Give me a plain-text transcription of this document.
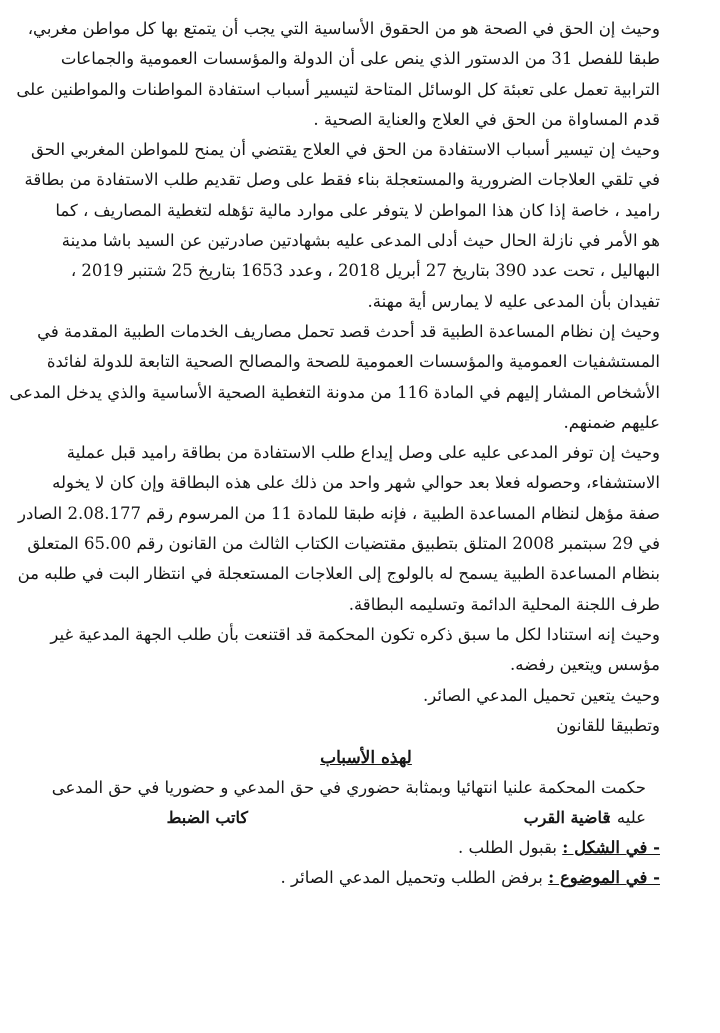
وحيث إن الحق في الصحة هو من الحقوق الأساسية التي يجب أن يتمتع بها كل مواطن مغربي،
طبقا للفصل 31 من الدستور الذي ينص على أن الدولة والمؤسسات العمومية والجماعات
الترابية تعمل على تعبئة كل الوسائل المتاحة لتيسير أسباب استفادة المواطنات والمواطنين على
قدم المساواة من الحق في العلاج والعناية الصحية .

وحيث إن تيسير أسباب الاستفادة من الحق في العلاج يقتضي أن يمنح للمواطن المغربي الحق
في تلقي العلاجات الضرورية والمستعجلة بناء فقط على وصل تقديم طلب الاستفادة من بطاقة
راميد ، خاصة إذا كان هذا المواطن لا يتوفر على موارد مالية تؤهله لتغطية المصاريف ، كما
هو الأمر في نازلة الحال حيث أدلى المدعى عليه بشهادتين صادرتين عن السيد باشا مدينة
البهاليل ، تحت عدد 390 بتاريخ 27 أبريل 2018 ، وعدد 1653 بتاريخ 25 شتنبر 2019 ،
تفيدان بأن المدعى عليه لا يمارس أية مهنة.

وحيث إن نظام المساعدة الطبية قد أحدث قصد تحمل مصاريف الخدمات الطبية المقدمة في
المستشفيات العمومية والمؤسسات العمومية للصحة والمصالح الصحية التابعة للدولة لفائدة
الأشخاص المشار إليهم في المادة 116 من مدونة التغطية الصحية الأساسية والذي يدخل المدعى
عليهم ضمنهم.

وحيث إن توفر المدعى عليه على وصل إيداع طلب الاستفادة من بطاقة راميد قبل عملية
الاستشفاء، وحصوله فعلا بعد حوالي شهر واحد من ذلك على هذه البطاقة وإن كان لا يخوله
صفة مؤهل لنظام المساعدة الطبية ، فإنه طبقا للمادة 11 من المرسوم رقم 2.08.177 الصادر
في 29 سبتمبر 2008 المتلق بتطبيق مقتضيات الكتاب الثالث من القانون رقم 65.00 المتعلق
بنظام المساعدة الطبية يسمح له بالولوج إلى العلاجات المستعجلة في انتظار البت في طلبه من
طرف اللجنة المحلية الدائمة وتسليمه البطاقة.

وحيث إنه استنادا لكل ما سبق ذكره تكون المحكمة قد اقتنعت بأن طلب الجهة المدعية غير
مؤسس ويتعين رفضه.

وحيث يتعين تحميل المدعي الصائر.

وتطبيقا للقانون

لهذه الأسباب

حكمت المحكمة علنيا انتهائيا وبمثابة حضوري في حق المدعي و حضوريا في حق المدعى
عليه :

- في الشكل : بقبول الطلب .

- في الموضوع : برفض الطلب وتحميل المدعي الصائر .

قاضية القرب
كاتب الضبط
